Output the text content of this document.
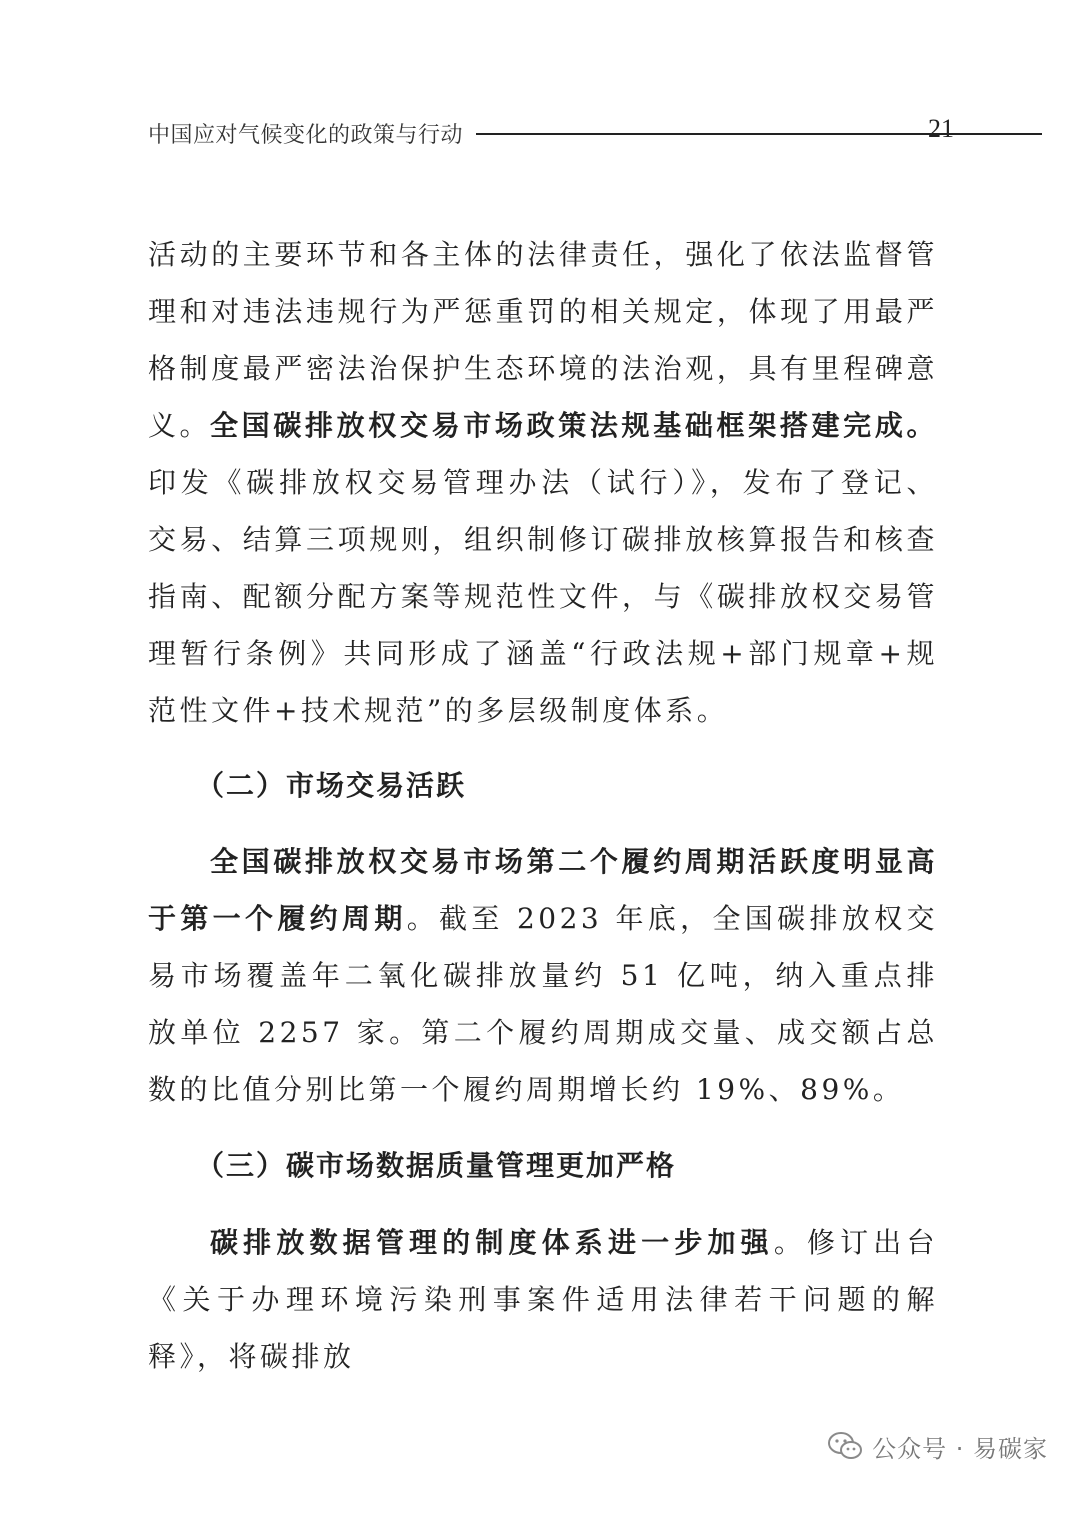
中国应对气候变化的政策与行动	21

活动的主要环节和各主体的法律责任，强化了依法监督管理和对违法违规行为严惩重罚的相关规定，体现了用最严格制度最严密法治保护生态环境的法治观，具有里程碑意义。

全国碳排放权交易市场政策法规基础框架搭建完成。印发《碳排放权交易管理办法（试行）》，发布了登记、交易、结算三项规则，组织制修订碳排放核算报告和核查指南、配额分配方案等规范性文件，与《碳排放权交易管理暂行条例》共同形成了涵盖“行政法规+部门规章+规范性文件+技术规范”的多层级制度体系。

（二）市场交易活跃

全国碳排放权交易市场第二个履约周期活跃度明显高于第一个履约周期。截至 2023 年底，全国碳排放权交易市场覆盖年二氧化碳排放量约 51 亿吨，纳入重点排放单位 2257 家。第二个履约周期成交量、成交额占总数的比值分别比第一个履约周期增长约 19%、89%。

（三）碳市场数据质量管理更加严格

碳排放数据管理的制度体系进一步加强。修订出台《关于办理环境污染刑事案件适用法律若干问题的解释》，将碳排放

公众号 · 易碳家
